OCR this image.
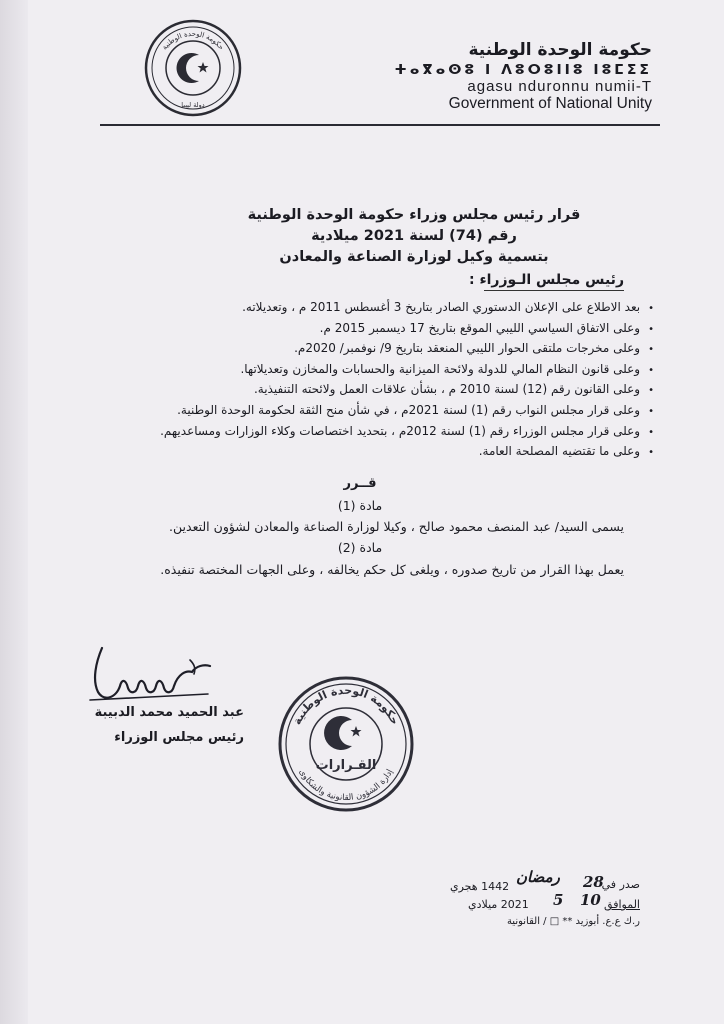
حكومة الوحدة الوطنية
دولة ليبيا
حكومة الوحدة الوطنية
ⵜⴰⴳⴰⵙⵓ ⵏ ⴷⵓⵔⵓⵏⵏⵓ ⵏⵓⵎⵉⵉ
agasu nduronnu numii-T
Government of National Unity
قرار رئيس مجلس وزراء حكومة الوحدة الوطنية
رقم (74) لسنة 2021 ميلادية
بتسمية وكيل لوزارة الصناعة والمعادن
رئيس مجلس الـوزراء :
• بعد الاطلاع على الإعلان الدستوري الصادر بتاريخ 3 أغسطس 2011 م ، وتعديلاته.
• وعلى الاتفاق السياسي الليبي الموقع بتاريخ 17 ديسمبر 2015 م.
• وعلى مخرجات ملتقى الحوار الليبي المنعقد بتاريخ 9/ نوفمبر/ 2020م.
• وعلى قانون النظام المالي للدولة ولائحة الميزانية والحسابات والمخازن وتعديلاتها.
• وعلى القانون رقم (12) لسنة 2010 م ، بشأن علاقات العمل ولائحته التنفيذية.
• وعلى قرار مجلس النواب رقم (1) لسنة 2021م ، في شأن منح الثقة لحكومة الوحدة الوطنية.
• وعلى قرار مجلس الوزراء رقم (1) لسنة 2012م ، بتحديد اختصاصات وكلاء الوزارات ومساعديهم.
• وعلى ما تقتضيه المصلحة العامة.
قــرر
مادة (1)
يسمى السيد/ عبد المنصف محمود صالح ، وكيلا لوزارة الصناعة والمعادن لشؤون التعدين.
مادة (2)
يعمل بهذا القرار من تاريخ صدوره ، ويلغى كل حكم يخالفه ، وعلى الجهات المختصة تنفيذه.
عبد الحميد محمد الدبيبة
رئيس مجلس الوزراء
حكومة الوحدة الوطنية
إدارة الشؤون القانونية والشكاوى
القـرارات
صدر في
28
رمضان
1442 هجري
الموافق
10
5
2021 ميلادي
ر.ك ع.ع. أبوزيد ** □ / القانونية
